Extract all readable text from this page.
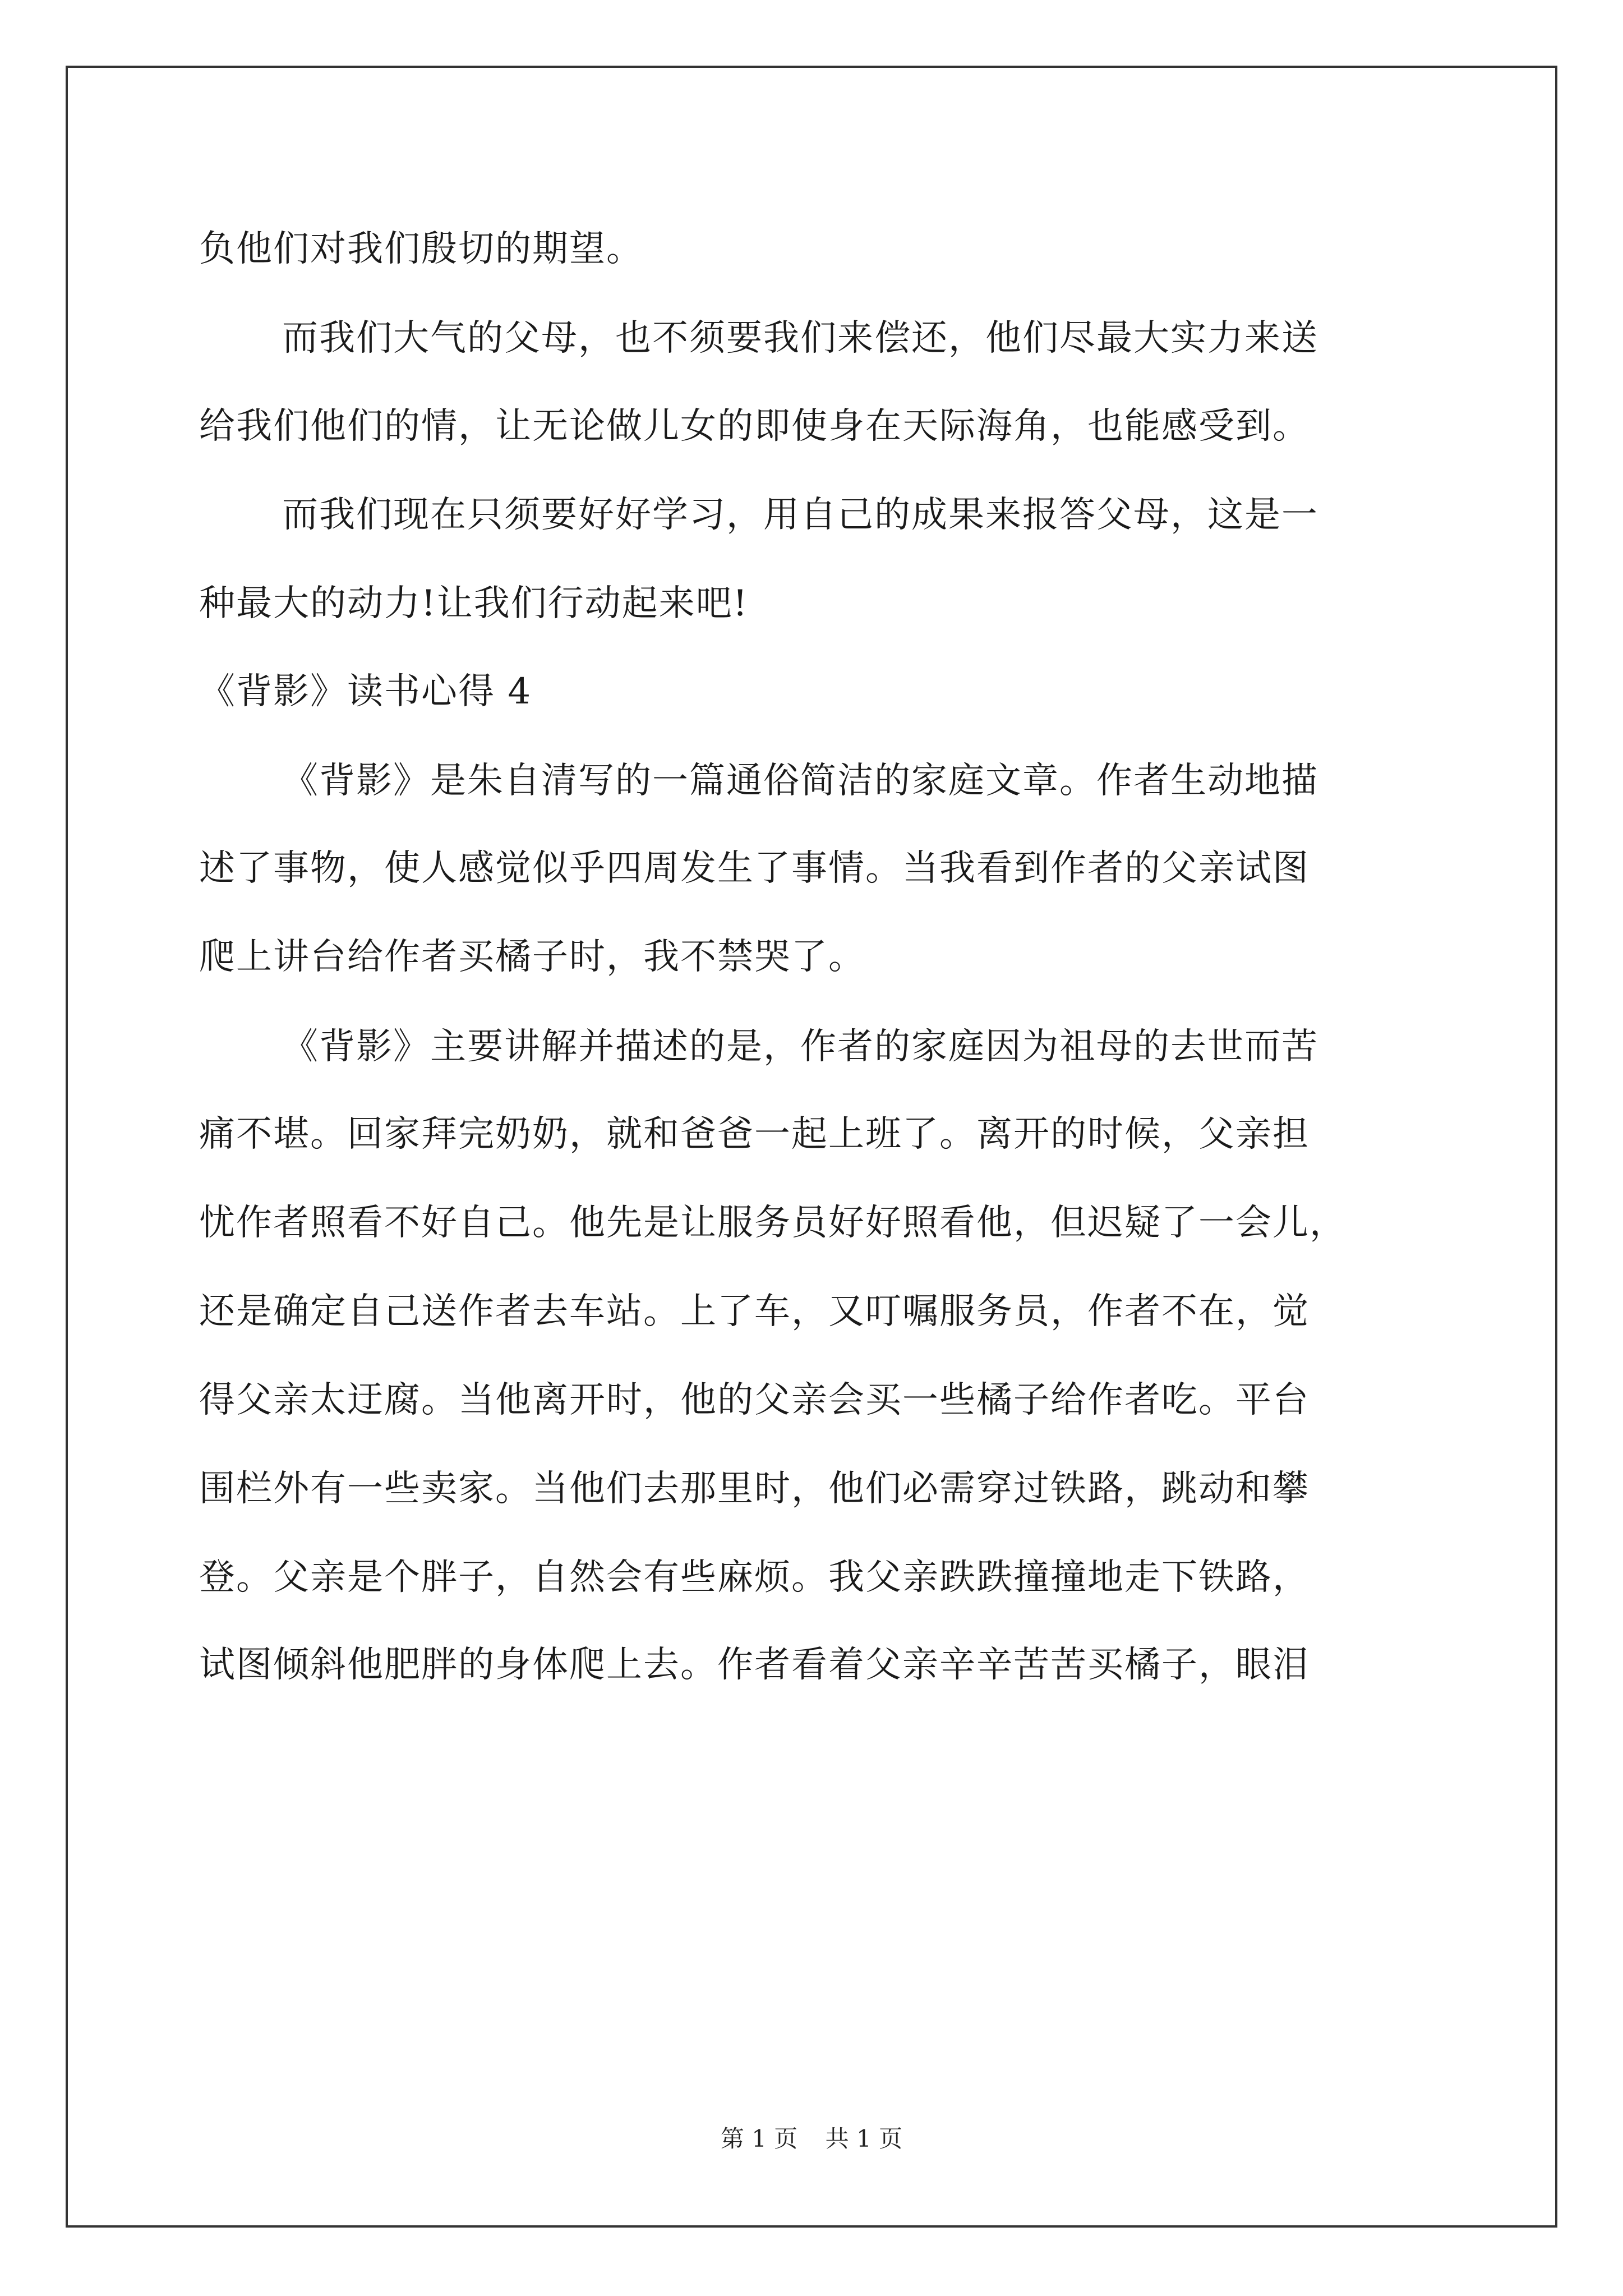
负他们对我们殷切的期望。
而我们大气的父母，也不须要我们来偿还，他们尽最大实力来送
给我们他们的情，让无论做儿女的即使身在天际海角，也能感受到。
而我们现在只须要好好学习，用自己的成果来报答父母，这是一
种最大的动力!让我们行动起来吧!
《背影》读书心得 4
《背影》是朱自清写的一篇通俗简洁的家庭文章。作者生动地描
述了事物，使人感觉似乎四周发生了事情。当我看到作者的父亲试图
爬上讲台给作者买橘子时，我不禁哭了。
《背影》主要讲解并描述的是，作者的家庭因为祖母的去世而苦
痛不堪。回家拜完奶奶，就和爸爸一起上班了。离开的时候，父亲担
忧作者照看不好自己。他先是让服务员好好照看他，但迟疑了一会儿，
还是确定自己送作者去车站。上了车，又叮嘱服务员，作者不在，觉
得父亲太迂腐。当他离开时，他的父亲会买一些橘子给作者吃。平台
围栏外有一些卖家。当他们去那里时，他们必需穿过铁路，跳动和攀
登。父亲是个胖子，自然会有些麻烦。我父亲跌跌撞撞地走下铁路，
试图倾斜他肥胖的身体爬上去。作者看着父亲辛辛苦苦买橘子，眼泪
第 1 页 共 1 页
